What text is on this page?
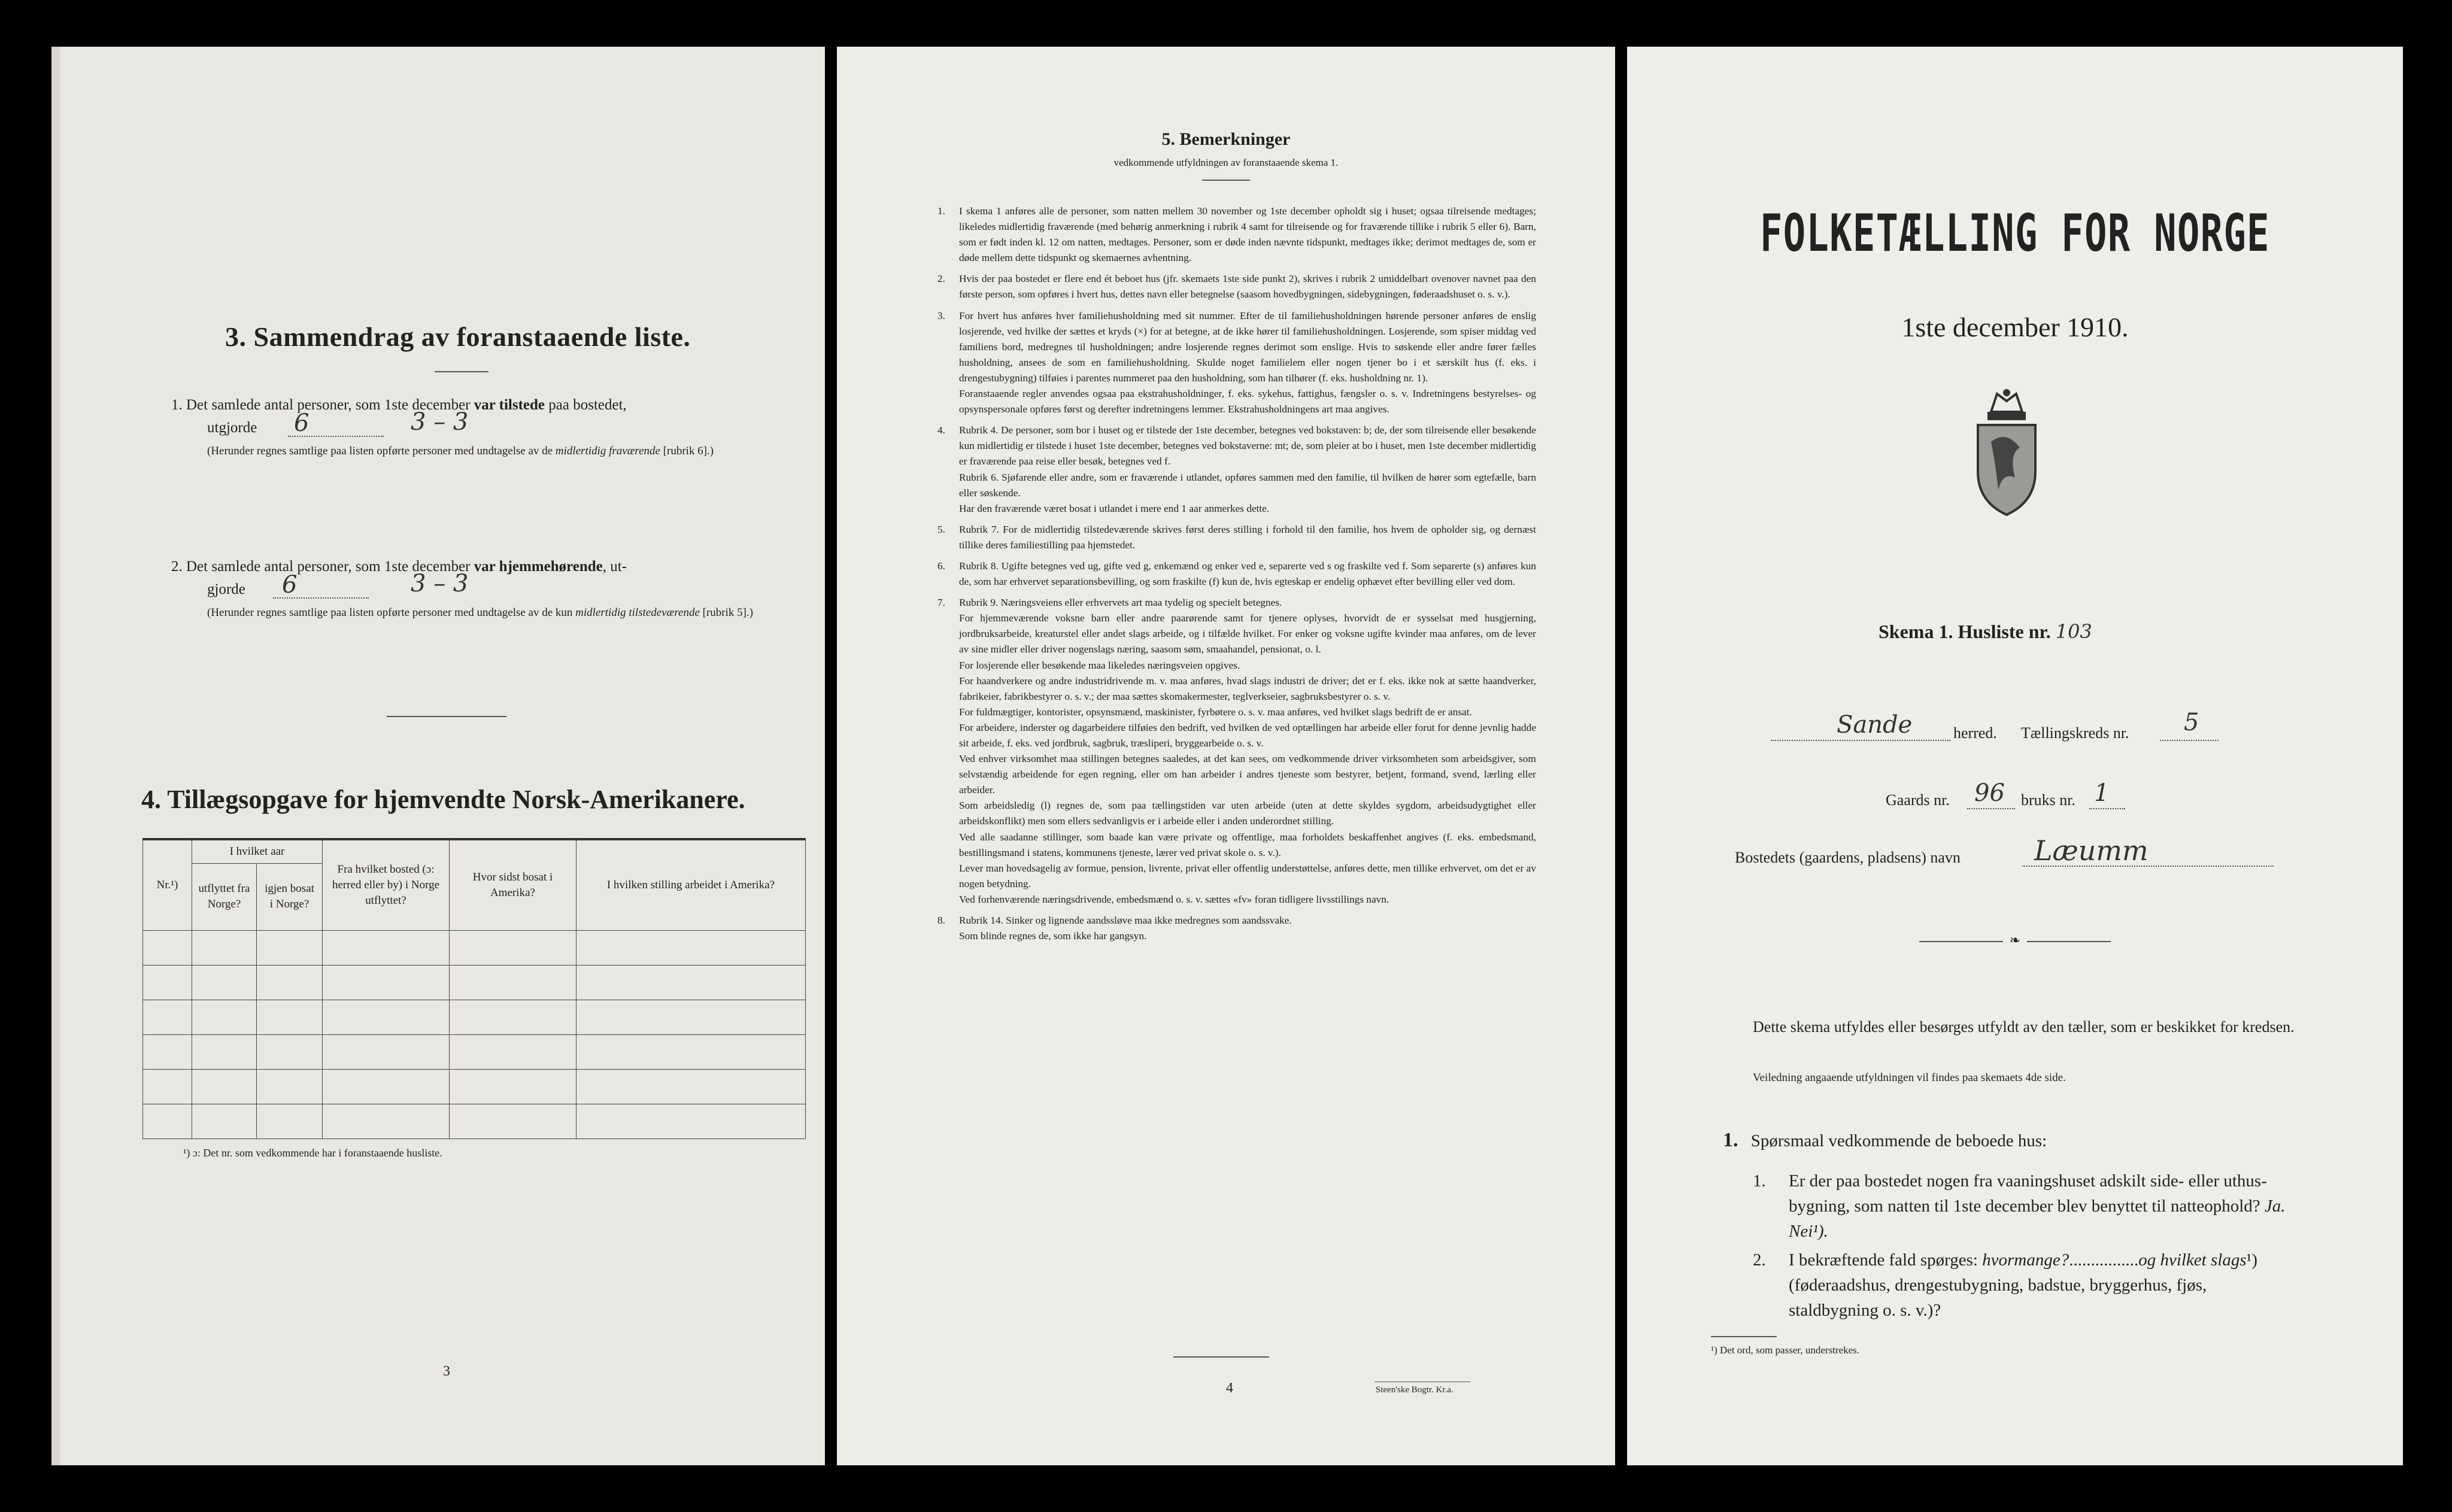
3. Sammendrag av foranstaaende liste.
1. Det samlede antal personer, som 1ste december var tilstede paa bostedet,
utgjorde 6	3 – 3
(Herunder regnes samtlige paa listen opførte personer med undtagelse av de midlertidig fraværende [rubrik 6].)
2. Det samlede antal personer, som 1ste december var hjemmehørende, ut-
gjorde 6	3 – 3
(Herunder regnes samtlige paa listen opførte personer med undtagelse av de kun midlertidig tilstedeværende [rubrik 5].)
4. Tillægsopgave for hjemvendte Norsk-Amerikanere.
Nr.¹)	I hvilket aar		Fra hvilket bosted (ɔ: herred eller by) i Norge utflyttet?	Hvor sidst bosat i Amerika?	I hvilken stilling arbeidet i Amerika?
	utflyttet fra Norge?	igjen bosat i Norge?			

¹) ɔ: Det nr. som vedkommende har i foranstaaende husliste.
3
5. Bemerkninger
vedkommende utfyldningen av foranstaaende skema 1.
1.	I skema 1 anføres alle de personer, som natten mellem 30 november og 1ste december opholdt sig i huset; ogsaa tilreisende medtages; likeledes midlertidig fraværende (med behørig anmerkning i rubrik 4 samt for tilreisende og for fraværende tillike i rubrik 5 eller 6). Barn, som er født inden kl. 12 om natten, medtages. Personer, som er døde inden nævnte tidspunkt, medtages ikke; derimot medtages de, som er døde mellem dette tidspunkt og skemaernes avhentning.
2.	Hvis der paa bostedet er flere end ét beboet hus (jfr. skemaets 1ste side punkt 2), skrives i rubrik 2 umiddelbart ovenover navnet paa den første person, som opføres i hvert hus, dettes navn eller betegnelse (saasom hovedbygningen, sidebygningen, føderaadshuset o. s. v.).
3.	For hvert hus anføres hver familiehusholdning med sit nummer. Efter de til familiehusholdningen hørende personer anføres de enslig losjerende, ved hvilke der sættes et kryds (×) for at betegne, at de ikke hører til familiehusholdningen. Losjerende, som spiser middag ved familiens bord, medregnes til husholdningen; andre losjerende regnes derimot som enslige. Hvis to søskende eller andre fører fælles husholdning, ansees de som en familiehusholdning. Skulde noget familielem eller nogen tjener bo i et særskilt hus (f. eks. i drengestubygning) tilføies i parentes nummeret paa den husholdning, som han tilhører (f. eks. husholdning nr. 1).
Foranstaaende regler anvendes ogsaa paa ekstrahusholdninger, f. eks. sykehus, fattighus, fængsler o. s. v. Indretningens bestyrelses- og opsynspersonale opføres først og derefter indretningens lemmer. Ekstrahusholdningens art maa angives.
4.	Rubrik 4. De personer, som bor i huset og er tilstede der 1ste december, betegnes ved bokstaven: b; de, der som tilreisende eller besøkende kun midlertidig er tilstede i huset 1ste december, betegnes ved bokstaverne: mt; de, som pleier at bo i huset, men 1ste december midlertidig er fraværende paa reise eller besøk, betegnes ved f.
Rubrik 6. Sjøfarende eller andre, som er fraværende i utlandet, opføres sammen med den familie, til hvilken de hører som egtefælle, barn eller søskende.
Har den fraværende været bosat i utlandet i mere end 1 aar anmerkes dette.
5.	Rubrik 7. For de midlertidig tilstedeværende skrives først deres stilling i forhold til den familie, hos hvem de opholder sig, og dernæst tillike deres familiestilling paa hjemstedet.
6.	Rubrik 8. Ugifte betegnes ved ug, gifte ved g, enkemænd og enker ved e, separerte ved s og fraskilte ved f. Som separerte (s) anføres kun de, som har erhvervet separationsbevilling, og som fraskilte (f) kun de, hvis egteskap er endelig ophævet efter bevilling eller ved dom.
7.	Rubrik 9. Næringsveiens eller erhvervets art maa tydelig og specielt betegnes.
For hjemmeværende voksne barn eller andre paarørende samt for tjenere oplyses, hvorvidt de er sysselsat med husgjerning, jordbruksarbeide, kreaturstel eller andet slags arbeide, og i tilfælde hvilket. For enker og voksne ugifte kvinder maa anføres, om de lever av sine midler eller driver nogenslags næring, saasom søm, smaahandel, pensionat, o. l.
For losjerende eller besøkende maa likeledes næringsveien opgives.
For haandverkere og andre industridrivende m. v. maa anføres, hvad slags industri de driver; det er f. eks. ikke nok at sætte haandverker, fabrikeier, fabrikbestyrer o. s. v.; der maa sættes skomakermester, teglverkseier, sagbruksbestyrer o. s. v.
For fuldmægtiger, kontorister, opsynsmænd, maskinister, fyrbøtere o. s. v. maa anføres, ved hvilket slags bedrift de er ansat.
For arbeidere, inderster og dagarbeidere tilføies den bedrift, ved hvilken de ved optællingen har arbeide eller forut for denne jevnlig hadde sit arbeide, f. eks. ved jordbruk, sagbruk, træsliperi, bryggearbeide o. s. v.
Ved enhver virksomhet maa stillingen betegnes saaledes, at det kan sees, om vedkommende driver virksomheten som arbeidsgiver, som selvstændig arbeidende for egen regning, eller om han arbeider i andres tjeneste som bestyrer, betjent, formand, svend, lærling eller arbeider.
Som arbeidsledig (l) regnes de, som paa tællingstiden var uten arbeide (uten at dette skyldes sygdom, arbeidsudygtighet eller arbeidskonflikt) men som ellers sedvanligvis er i arbeide eller i anden underordnet stilling.
Ved alle saadanne stillinger, som baade kan være private og offentlige, maa forholdets beskaffenhet angives (f. eks. embedsmand, bestillingsmand i statens, kommunens tjeneste, lærer ved privat skole o. s. v.).
Lever man hovedsagelig av formue, pension, livrente, privat eller offentlig understøttelse, anføres dette, men tillike erhvervet, om det er av nogen betydning.
Ved forhenværende næringsdrivende, embedsmænd o. s. v. sættes «fv» foran tidligere livsstillings navn.
8.	Rubrik 14. Sinker og lignende aandssløve maa ikke medregnes som aandssvake.
Som blinde regnes de, som ikke har gangsyn.
4	Steen'ske Bogtr. Kr.a.
FOLKETÆLLING FOR NORGE
1ste december 1910.
Skema 1. Husliste nr. 103
Sande	herred. Tællingskreds nr. 5
Gaards nr. 96 bruks nr. 1
Bostedets (gaardens, pladsens) navn	Læumm
❧
Dette skema utfyldes eller besørges utfyldt av den tæller, som er beskikket for kredsen.
Veiledning angaaende utfyldningen vil findes paa skemaets 4de side.
1. Spørsmaal vedkommende de beboede hus:
1.	Er der paa bostedet nogen fra vaaningshuset adskilt side- eller uthus-bygning, som natten til 1ste december blev benyttet til natteophold? Ja. Nei¹).
2.	I bekræftende fald spørges: hvormange?................og hvilket slags¹) (føderaadshus, drengestubygning, badstue, bryggerhus, fjøs, staldbygning o. s. v.)?
¹) Det ord, som passer, understrekes.
